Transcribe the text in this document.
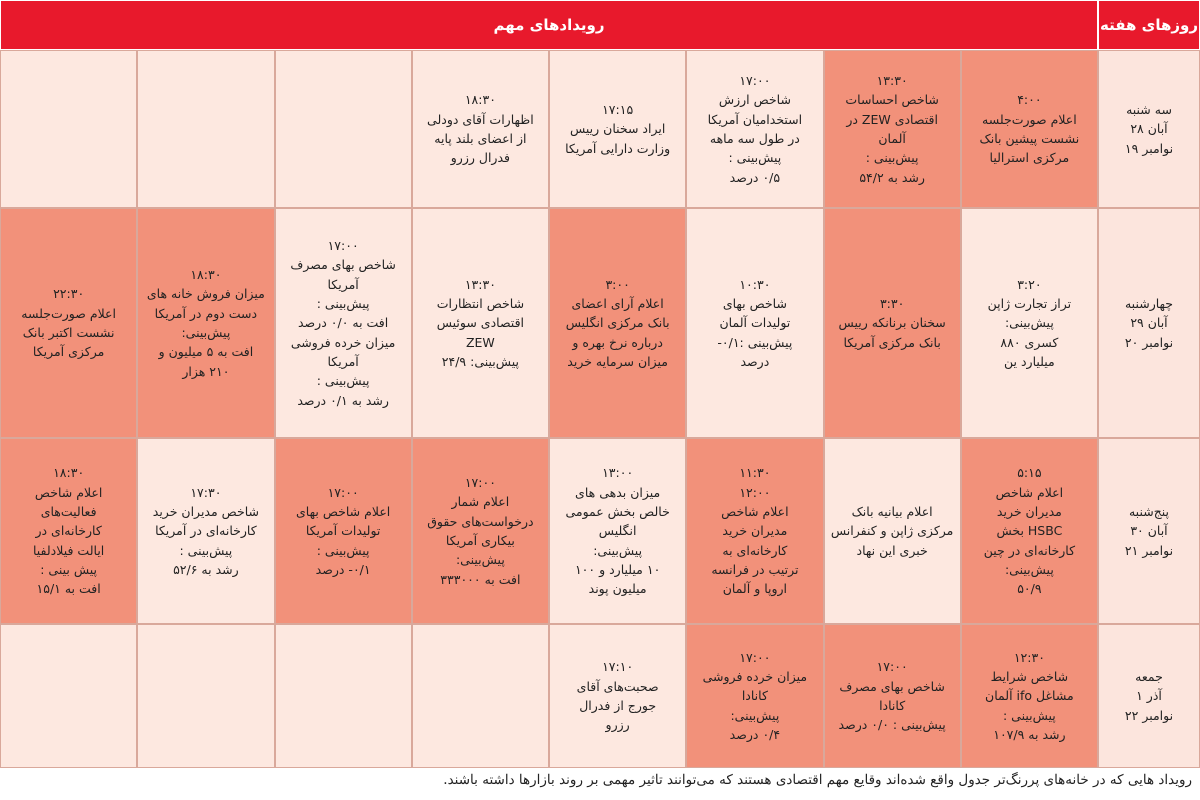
رویدادهای مهم	روزهای هفته
سه شنبه
۲۸ آبان
۱۹ نوامبر
چهارشنبه
۲۹ آبان
۲۰ نوامبر
پنج‌شنبه
۳۰ آبان
۲۱ نوامبر
جمعه
۱ آذر
۲۲ نوامبر
۴:۰۰
اعلام صورت‌جلسه
نشست پیشین بانک
مرکزی استرالیا
۱۳:۳۰
شاخص احساسات
اقتصادی ZEW در
آلمان
پیش‌بینی :
رشد به ۵۴/۲
۱۷:۰۰
شاخص ارزش
استخدامیان آمریکا
در طول سه ماهه
پیش‌بینی :
۰/۵ درصد
۱۷:۱۵
ایراد سخنان رییس
وزارت دارایی آمریکا
۱۸:۳۰
اظهارات آقای دودلی
از اعضای بلند پایه
فدرال رزرو
۳:۲۰
تراز تجارت ژاپن
پیش‌بینی:
کسری ۸۸۰
میلیارد ین
۳:۳۰
سخنان برنانکه رییس
بانک مرکزی آمریکا
۱۰:۳۰
شاخص بهای
تولیدات آلمان
پیش‌بینی :۰/۱-
درصد
۳:۰۰
اعلام آرای اعضای
بانک مرکزی انگلیس
درباره نرخ بهره و
میزان سرمایه خرید
۱۳:۳۰
شاخص انتظارات
اقتصادی سوئیس
ZEW
پیش‌بینی: ۲۴/۹
۱۷:۰۰
شاخص بهای مصرف
آمریکا
پیش‌بینی :
افت به ۰/۰ درصد
میزان خرده فروشی
آمریکا
پیش‌بینی :
رشد به ۰/۱ درصد
۱۸:۳۰
میزان فروش خانه های
دست دوم در آمریکا
پیش‌بینی:
افت به ۵ میلیون و
۲۱۰ هزار
۲۲:۳۰
اعلام صورت‌جلسه
نشست اکتبر بانک
مرکزی آمریکا
۵:۱۵
اعلام شاخص
مدیران خرید
HSBC بخش
کارخانه‌ای در چین
پیش‌بینی:
۵۰/۹
اعلام بیانیه بانک
مرکزی ژاپن و کنفرانس
خبری این نهاد
۱۱:۳۰
۱۲:۰۰
اعلام شاخص
مدیران خرید
کارخانه‌ای به
ترتیب در فرانسه
اروپا و آلمان
۱۳:۰۰
میزان بدهی های
خالص بخش عمومی
انگلیس
پیش‌بینی:
۱۰ میلیارد و ۱۰۰
میلیون پوند
۱۷:۰۰
اعلام شمار
درخواست‌های حقوق
بیکاری آمریکا
پیش‌بینی:
افت به ۳۳۳۰۰۰
۱۷:۰۰
اعلام شاخص بهای
تولیدات آمریکا
پیش‌بینی :
۰/۱- درصد
۱۷:۳۰
شاخص مدیران خرید
کارخانه‌ای در آمریکا
پیش‌بینی :
رشد به ۵۲/۶
۱۸:۳۰
اعلام شاخص
فعالیت‌های
کارخانه‌ای در
ایالت فیلادلفیا
پیش بینی :
افت به ۱۵/۱
۱۲:۳۰
شاخص شرایط
مشاغل ifo آلمان
پیش‌بینی :
رشد به ۱۰۷/۹
۱۷:۰۰
شاخص بهای مصرف
کانادا
پیش‌بینی : ۰/۰ درصد
۱۷:۰۰
میزان خرده فروشی
کانادا
پیش‌بینی:
۰/۴ درصد
۱۷:۱۰
صحبت‌های آقای
جورج از فدرال
رزرو
رویداد هایی که در خانه‌های پررنگ‌تر جدول واقع شده‌اند وقایع مهم اقتصادی هستند که می‌توانند تاثیر مهمی بر روند بازارها داشته باشند.
